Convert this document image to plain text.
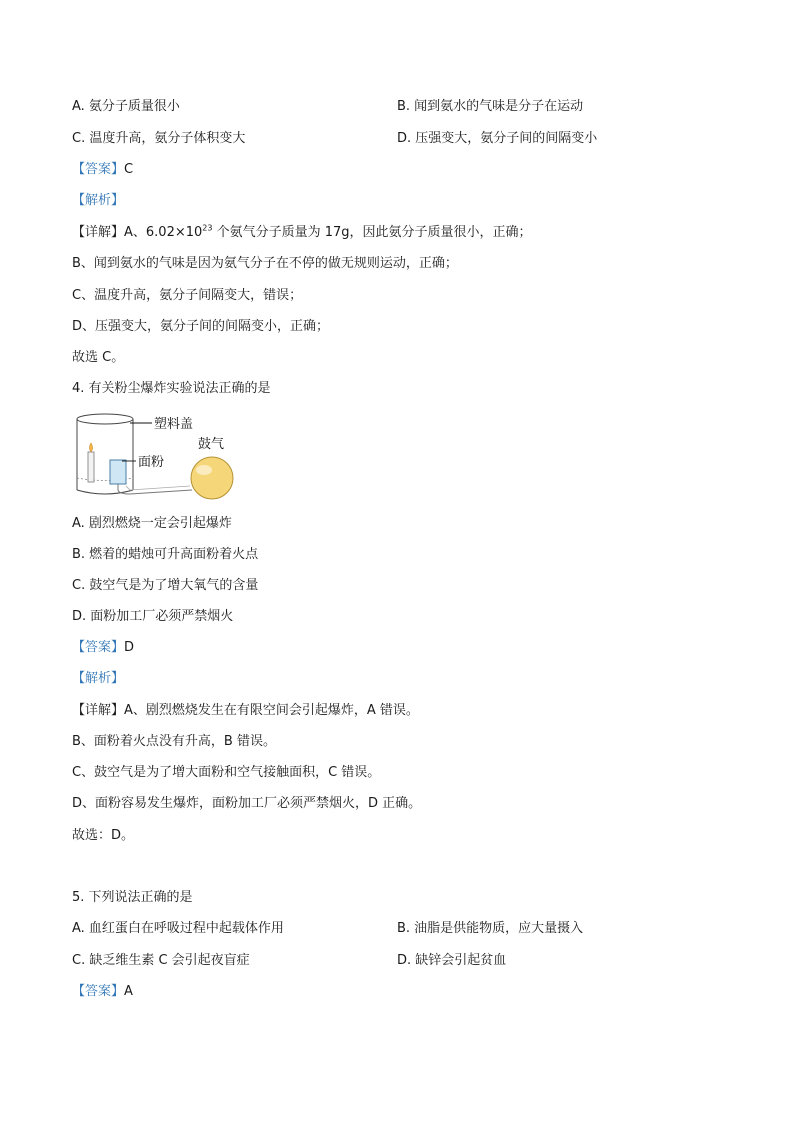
A. 氨分子质量很小	B. 闻到氨水的气味是分子在运动
C. 温度升高，氨分子体积变大	D. 压强变大，氨分子间的间隔变小
【答案】C
【解析】
【详解】A、$6.02\times 10^{23}$ 个氨气分子质量为 17g，因此氨分子质量很小，正确；
B、闻到氨水的气味是因为氨气分子在不停的做无规则运动，正确；
C、温度升高，氨分子间隔变大，错误；
D、压强变大，氨分子间的间隔变小，正确；
故选 C。
4. 有关粉尘爆炸实验说法正确的是
塑料盖
面粉
鼓气
A. 剧烈燃烧一定会引起爆炸
B. 燃着的蜡烛可升高面粉着火点
C. 鼓空气是为了增大氧气的含量
D. 面粉加工厂必须严禁烟火
【答案】D
【解析】
【详解】A、剧烈燃烧发生在有限空间会引起爆炸，A 错误。
B、面粉着火点没有升高，B 错误。
C、鼓空气是为了增大面粉和空气接触面积，C 错误。
D、面粉容易发生爆炸，面粉加工厂必须严禁烟火，D 正确。
故选：D。
5. 下列说法正确的是
A. 血红蛋白在呼吸过程中起载体作用	B. 油脂是供能物质，应大量摄入
C. 缺乏维生素 C 会引起夜盲症	D. 缺锌会引起贫血
【答案】A
